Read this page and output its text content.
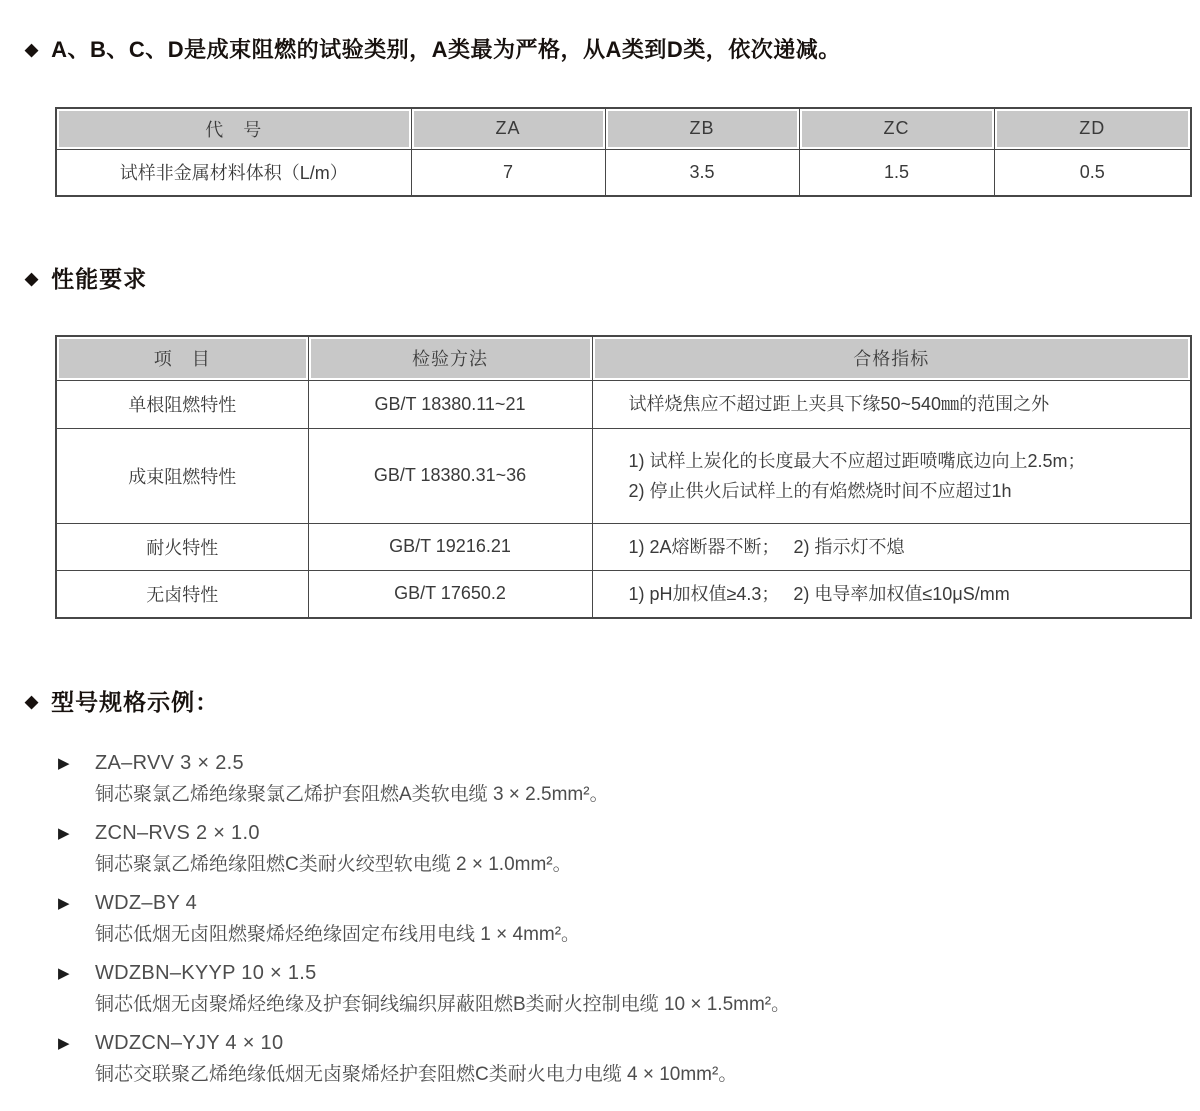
◆ A、B、C、D是成束阻燃的试验类别，A类最为严格，从A类到D类，依次递减。
代　号	ZA	ZB	ZC	ZD
试样非金属材料体积（L/m）	7	3.5	1.5	0.5
◆ 性能要求
项　目	检验方法	合格指标
单根阻燃特性	GB/T 18380.11~21	试样烧焦应不超过距上夹具下缘50~540㎜的范围之外

成束阻燃特性	GB/T 18380.31~36	1) 试样上炭化的长度最大不应超过距喷嘴底边向上2.5m；
2) 停止供火后试样上的有焰燃烧时间不应超过1h

耐火特性	GB/T 19216.21	1) 2A熔断器不断；　 2) 指示灯不熄

无卤特性	GB/T 17650.2	1) pH加权值≥4.3；　 2) 电导率加权值≤10μS/mm
◆ 型号规格示例：
▶	ZA–RVV 3 × 2.5
铜芯聚氯乙烯绝缘聚氯乙烯护套阻燃A类软电缆 3 × 2.5mm²。
▶	ZCN–RVS 2 × 1.0
铜芯聚氯乙烯绝缘阻燃C类耐火绞型软电缆 2 × 1.0mm²。
▶	WDZ–BY 4
铜芯低烟无卤阻燃聚烯烃绝缘固定布线用电线 1 × 4mm²。
▶	WDZBN–KYYP 10 × 1.5
铜芯低烟无卤聚烯烃绝缘及护套铜线编织屏蔽阻燃B类耐火控制电缆 10 × 1.5mm²。
▶	WDZCN–YJY 4 × 10
铜芯交联聚乙烯绝缘低烟无卤聚烯烃护套阻燃C类耐火电力电缆 4 × 10mm²。
